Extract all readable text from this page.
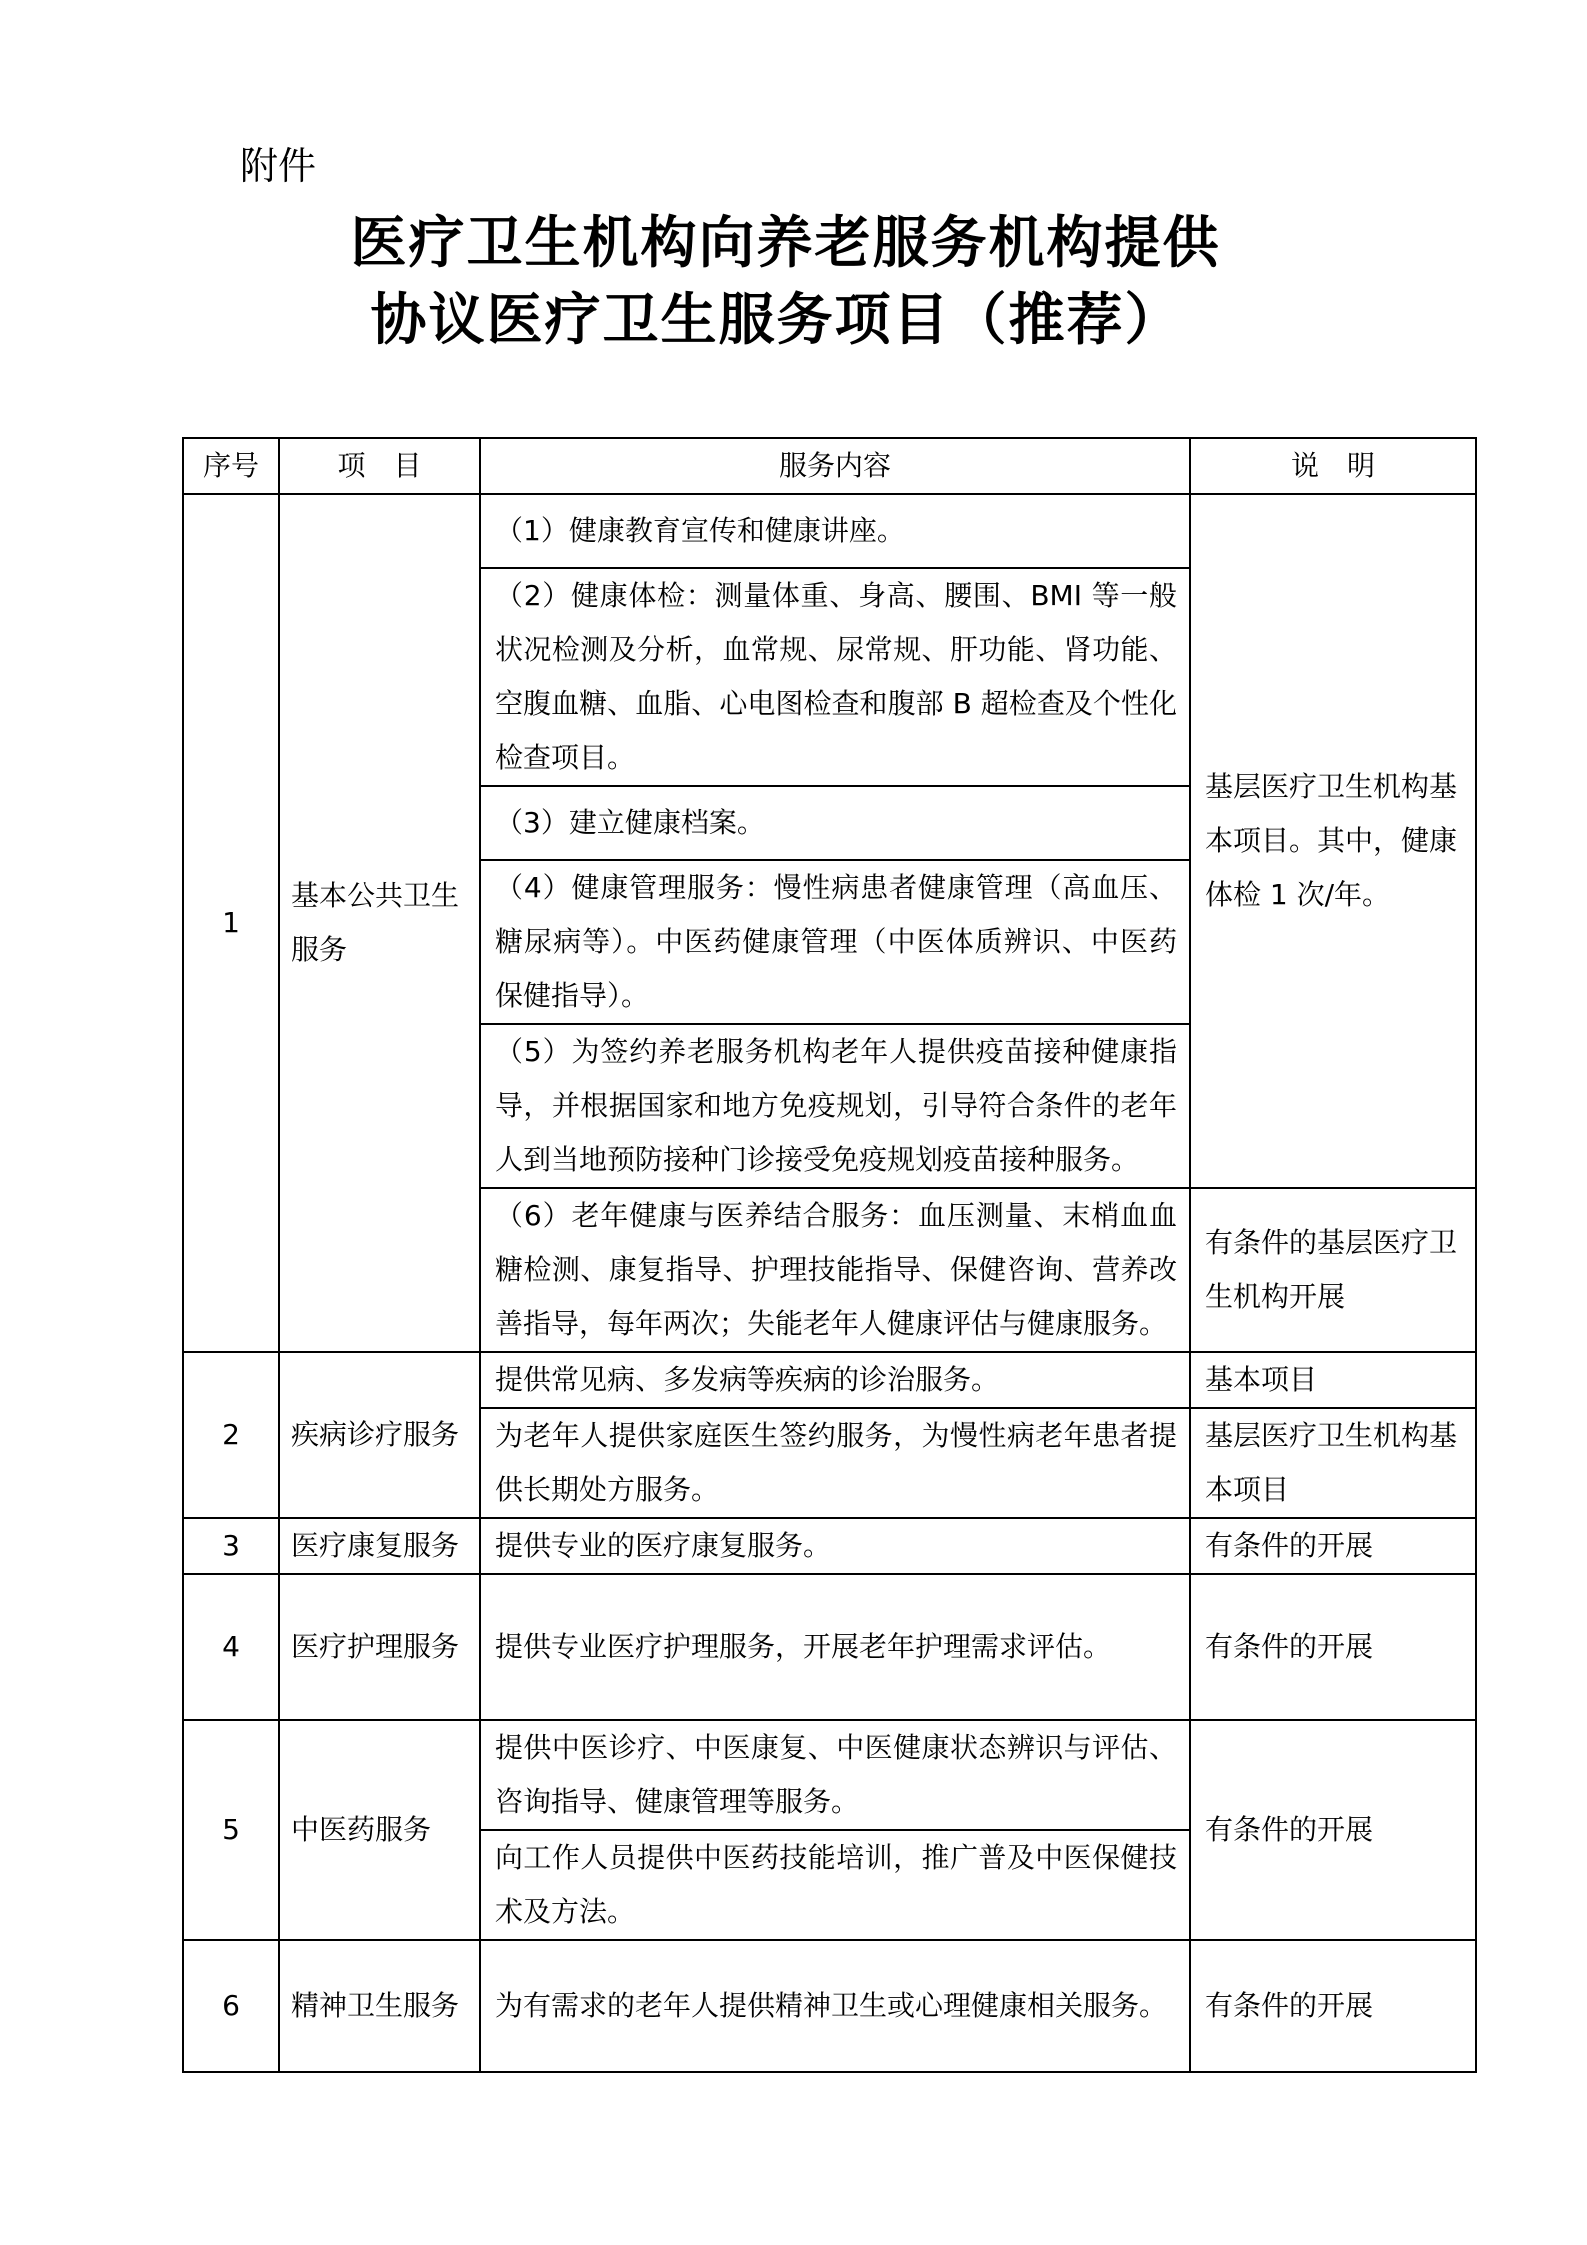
附件
医疗卫生机构向养老服务机构提供
协议医疗卫生服务项目（推荐）
序号	项　目	服务内容	说　明
1	基本公共卫生服务	（1）健康教育宣传和健康讲座。	基层医疗卫生机构基本项目。其中，健康体检 1 次/年。
		（2）健康体检：测量体重、身高、腰围、BMI 等一般状况检测及分析，血常规、尿常规、肝功能、肾功能、空腹血糖、血脂、心电图检查和腹部 B 超检查及个性化检查项目。	
		（3）建立健康档案。	
		（4）健康管理服务：慢性病患者健康管理（高血压、糖尿病等）。中医药健康管理（中医体质辨识、中医药保健指导）。	
		（5）为签约养老服务机构老年人提供疫苗接种健康指导，并根据国家和地方免疫规划，引导符合条件的老年人到当地预防接种门诊接受免疫规划疫苗接种服务。	
		（6）老年健康与医养结合服务：血压测量、末梢血血糖检测、康复指导、护理技能指导、保健咨询、营养改善指导，每年两次；失能老年人健康评估与健康服务。	有条件的基层医疗卫生机构开展
2	疾病诊疗服务	提供常见病、多发病等疾病的诊治服务。	基本项目
		为老年人提供家庭医生签约服务，为慢性病老年患者提供长期处方服务。	基层医疗卫生机构基本项目
3	医疗康复服务	提供专业的医疗康复服务。	有条件的开展
4	医疗护理服务	提供专业医疗护理服务，开展老年护理需求评估。	有条件的开展
5	中医药服务	提供中医诊疗、中医康复、中医健康状态辨识与评估、咨询指导、健康管理等服务。	有条件的开展
		向工作人员提供中医药技能培训，推广普及中医保健技术及方法。	
6	精神卫生服务	为有需求的老年人提供精神卫生或心理健康相关服务。	有条件的开展
